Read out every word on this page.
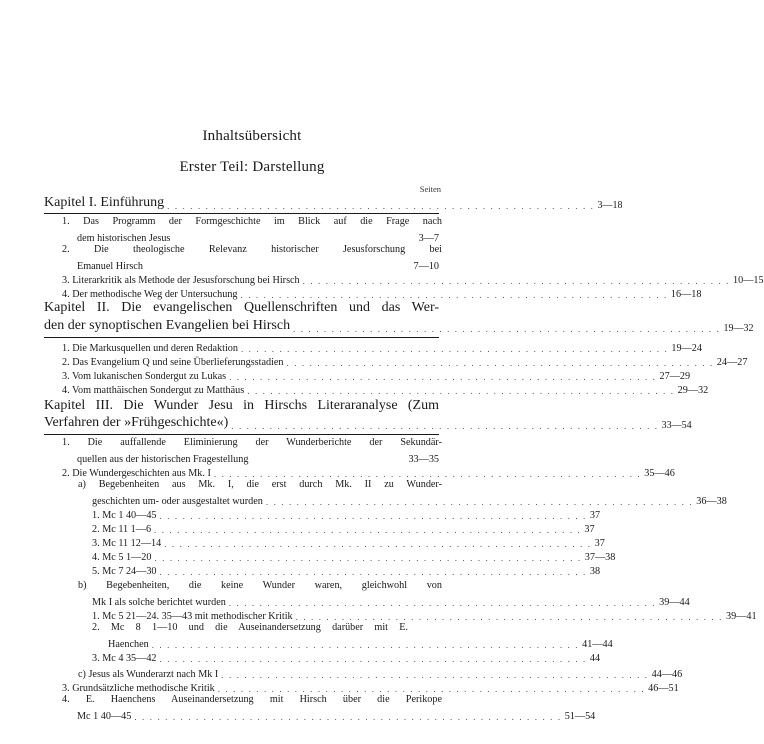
Inhaltsübersicht
Erster Teil: Darstellung
Seiten
Kapitel I. Einführung . . . . . . . . . . . . . . . . . . . . . . . . . . . . . . . . . . . . . . . . . . . . . . . . . . . . . . . . 3—18
1. Das Programm der Formgeschichte im Blick auf die Frage nach
dem historischen Jesus	3—7
2. Die theologische Relevanz historischer Jesusforschung bei
Emanuel Hirsch	7—10
3. Literarkritik als Methode der Jesusforschung bei Hirsch . . . . . . . . . . . . . . . . . . . . . . . . . . . . . . . . . . . . . . . . . . . . . . . . . . . . . . . . 10—15
4. Der methodische Weg der Untersuchung . . . . . . . . . . . . . . . . . . . . . . . . . . . . . . . . . . . . . . . . . . . . . . . . . . . . . . . . 16—18
Kapitel II. Die evangelischen Quellenschriften und das Wer-
den der synoptischen Evangelien bei Hirsch . . . . . . . . . . . . . . . . . . . . . . . . . . . . . . . . . . . . . . . . . . . . . . . . . . . . . . . . 19—32
1. Die Markusquellen und deren Redaktion . . . . . . . . . . . . . . . . . . . . . . . . . . . . . . . . . . . . . . . . . . . . . . . . . . . . . . . . 19—24
2. Das Evangelium Q und seine Überlieferungsstadien . . . . . . . . . . . . . . . . . . . . . . . . . . . . . . . . . . . . . . . . . . . . . . . . . . . . . . . . 24—27
3. Vom lukanischen Sondergut zu Lukas . . . . . . . . . . . . . . . . . . . . . . . . . . . . . . . . . . . . . . . . . . . . . . . . . . . . . . . . 27—29
4. Vom matthäischen Sondergut zu Matthäus . . . . . . . . . . . . . . . . . . . . . . . . . . . . . . . . . . . . . . . . . . . . . . . . . . . . . . . . 29—32
Kapitel III. Die Wunder Jesu in Hirschs Literaranalyse (Zum
Verfahren der »Frühgeschichte«) . . . . . . . . . . . . . . . . . . . . . . . . . . . . . . . . . . . . . . . . . . . . . . . . . . . . . . . . 33—54
1. Die auffallende Eliminierung der Wunderberichte der Sekundär-
quellen aus der historischen Fragestellung	33—35
2. Die Wundergeschichten aus Mk. I . . . . . . . . . . . . . . . . . . . . . . . . . . . . . . . . . . . . . . . . . . . . . . . . . . . . . . . . 35—46
a) Begebenheiten aus Mk. I, die erst durch Mk. II zu Wunder-
geschichten um- oder ausgestaltet wurden . . . . . . . . . . . . . . . . . . . . . . . . . . . . . . . . . . . . . . . . . . . . . . . . . . . . . . . . 36—38
1. Mc 1 40—45 . . . . . . . . . . . . . . . . . . . . . . . . . . . . . . . . . . . . . . . . . . . . . . . . . . . . . . . . 37
2. Mc 11 1—6 . . . . . . . . . . . . . . . . . . . . . . . . . . . . . . . . . . . . . . . . . . . . . . . . . . . . . . . . 37
3. Mc 11 12—14 . . . . . . . . . . . . . . . . . . . . . . . . . . . . . . . . . . . . . . . . . . . . . . . . . . . . . . . . 37
4. Mc 5 1—20 . . . . . . . . . . . . . . . . . . . . . . . . . . . . . . . . . . . . . . . . . . . . . . . . . . . . . . . . 37—38
5. Mc 7 24—30 . . . . . . . . . . . . . . . . . . . . . . . . . . . . . . . . . . . . . . . . . . . . . . . . . . . . . . . . 38
b) Begebenheiten, die keine Wunder waren, gleichwohl von
Mk I als solche berichtet wurden . . . . . . . . . . . . . . . . . . . . . . . . . . . . . . . . . . . . . . . . . . . . . . . . . . . . . . . . 39—44
1. Mc 5 21—24. 35—43 mit methodischer Kritik . . . . . . . . . . . . . . . . . . . . . . . . . . . . . . . . . . . . . . . . . . . . . . . . . . . . . . . . 39—41
2. Mc 8 1—10 und die Auseinandersetzung darüber mit E.
Haenchen . . . . . . . . . . . . . . . . . . . . . . . . . . . . . . . . . . . . . . . . . . . . . . . . . . . . . . . . 41—44
3. Mc 4 35—42 . . . . . . . . . . . . . . . . . . . . . . . . . . . . . . . . . . . . . . . . . . . . . . . . . . . . . . . . 44
c) Jesus als Wunderarzt nach Mk I . . . . . . . . . . . . . . . . . . . . . . . . . . . . . . . . . . . . . . . . . . . . . . . . . . . . . . . . 44—46
3. Grundsätzliche methodische Kritik . . . . . . . . . . . . . . . . . . . . . . . . . . . . . . . . . . . . . . . . . . . . . . . . . . . . . . . . 46—51
4. E. Haenchens Auseinandersetzung mit Hirsch über die Perikope
Mc 1 40—45 . . . . . . . . . . . . . . . . . . . . . . . . . . . . . . . . . . . . . . . . . . . . . . . . . . . . . . . . 51—54
